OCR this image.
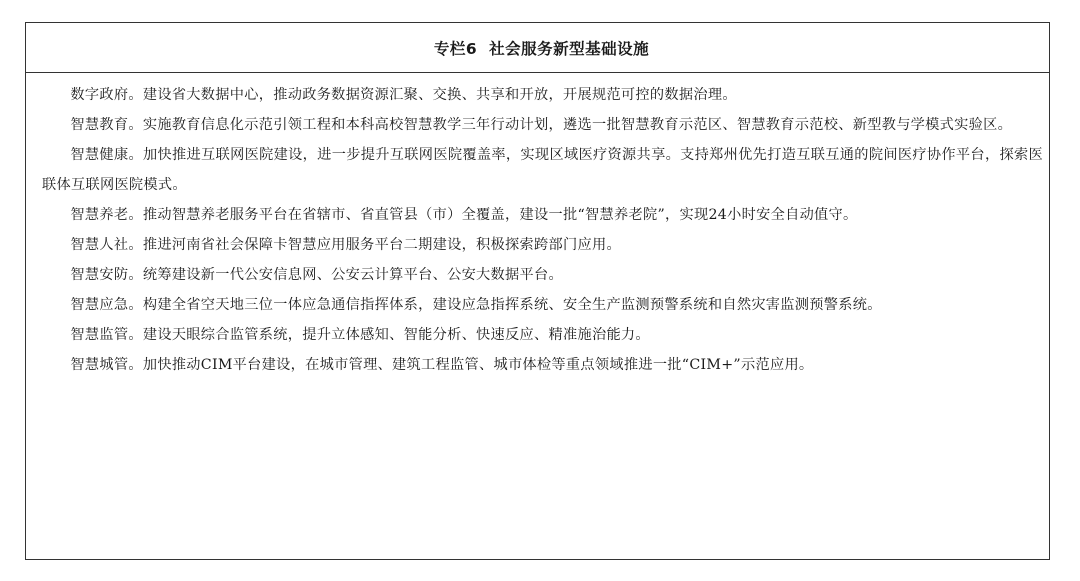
专栏6 社会服务新型基础设施

数字政府。建设省大数据中心，推动政务数据资源汇聚、交换、共享和开放，开展规范可控的数据治理。

智慧教育。实施教育信息化示范引领工程和本科高校智慧教学三年行动计划，遴选一批智慧教育示范区、智慧教育示范校、新型教与学模式实验区。

智慧健康。加快推进互联网医院建设，进一步提升互联网医院覆盖率，实现区域医疗资源共享。支持郑州优先打造互联互通的院间医疗协作平台，探索医联体互联网医院模式。

智慧养老。推动智慧养老服务平台在省辖市、省直管县（市）全覆盖，建设一批“智慧养老院”，实现24小时安全自动值守。

智慧人社。推进河南省社会保障卡智慧应用服务平台二期建设，积极探索跨部门应用。

智慧安防。统筹建设新一代公安信息网、公安云计算平台、公安大数据平台。

智慧应急。构建全省空天地三位一体应急通信指挥体系，建设应急指挥系统、安全生产监测预警系统和自然灾害监测预警系统。

智慧监管。建设天眼综合监管系统，提升立体感知、智能分析、快速反应、精准施治能力。

智慧城管。加快推动CIM平台建设，在城市管理、建筑工程监管、城市体检等重点领域推进一批“CIM+”示范应用。
